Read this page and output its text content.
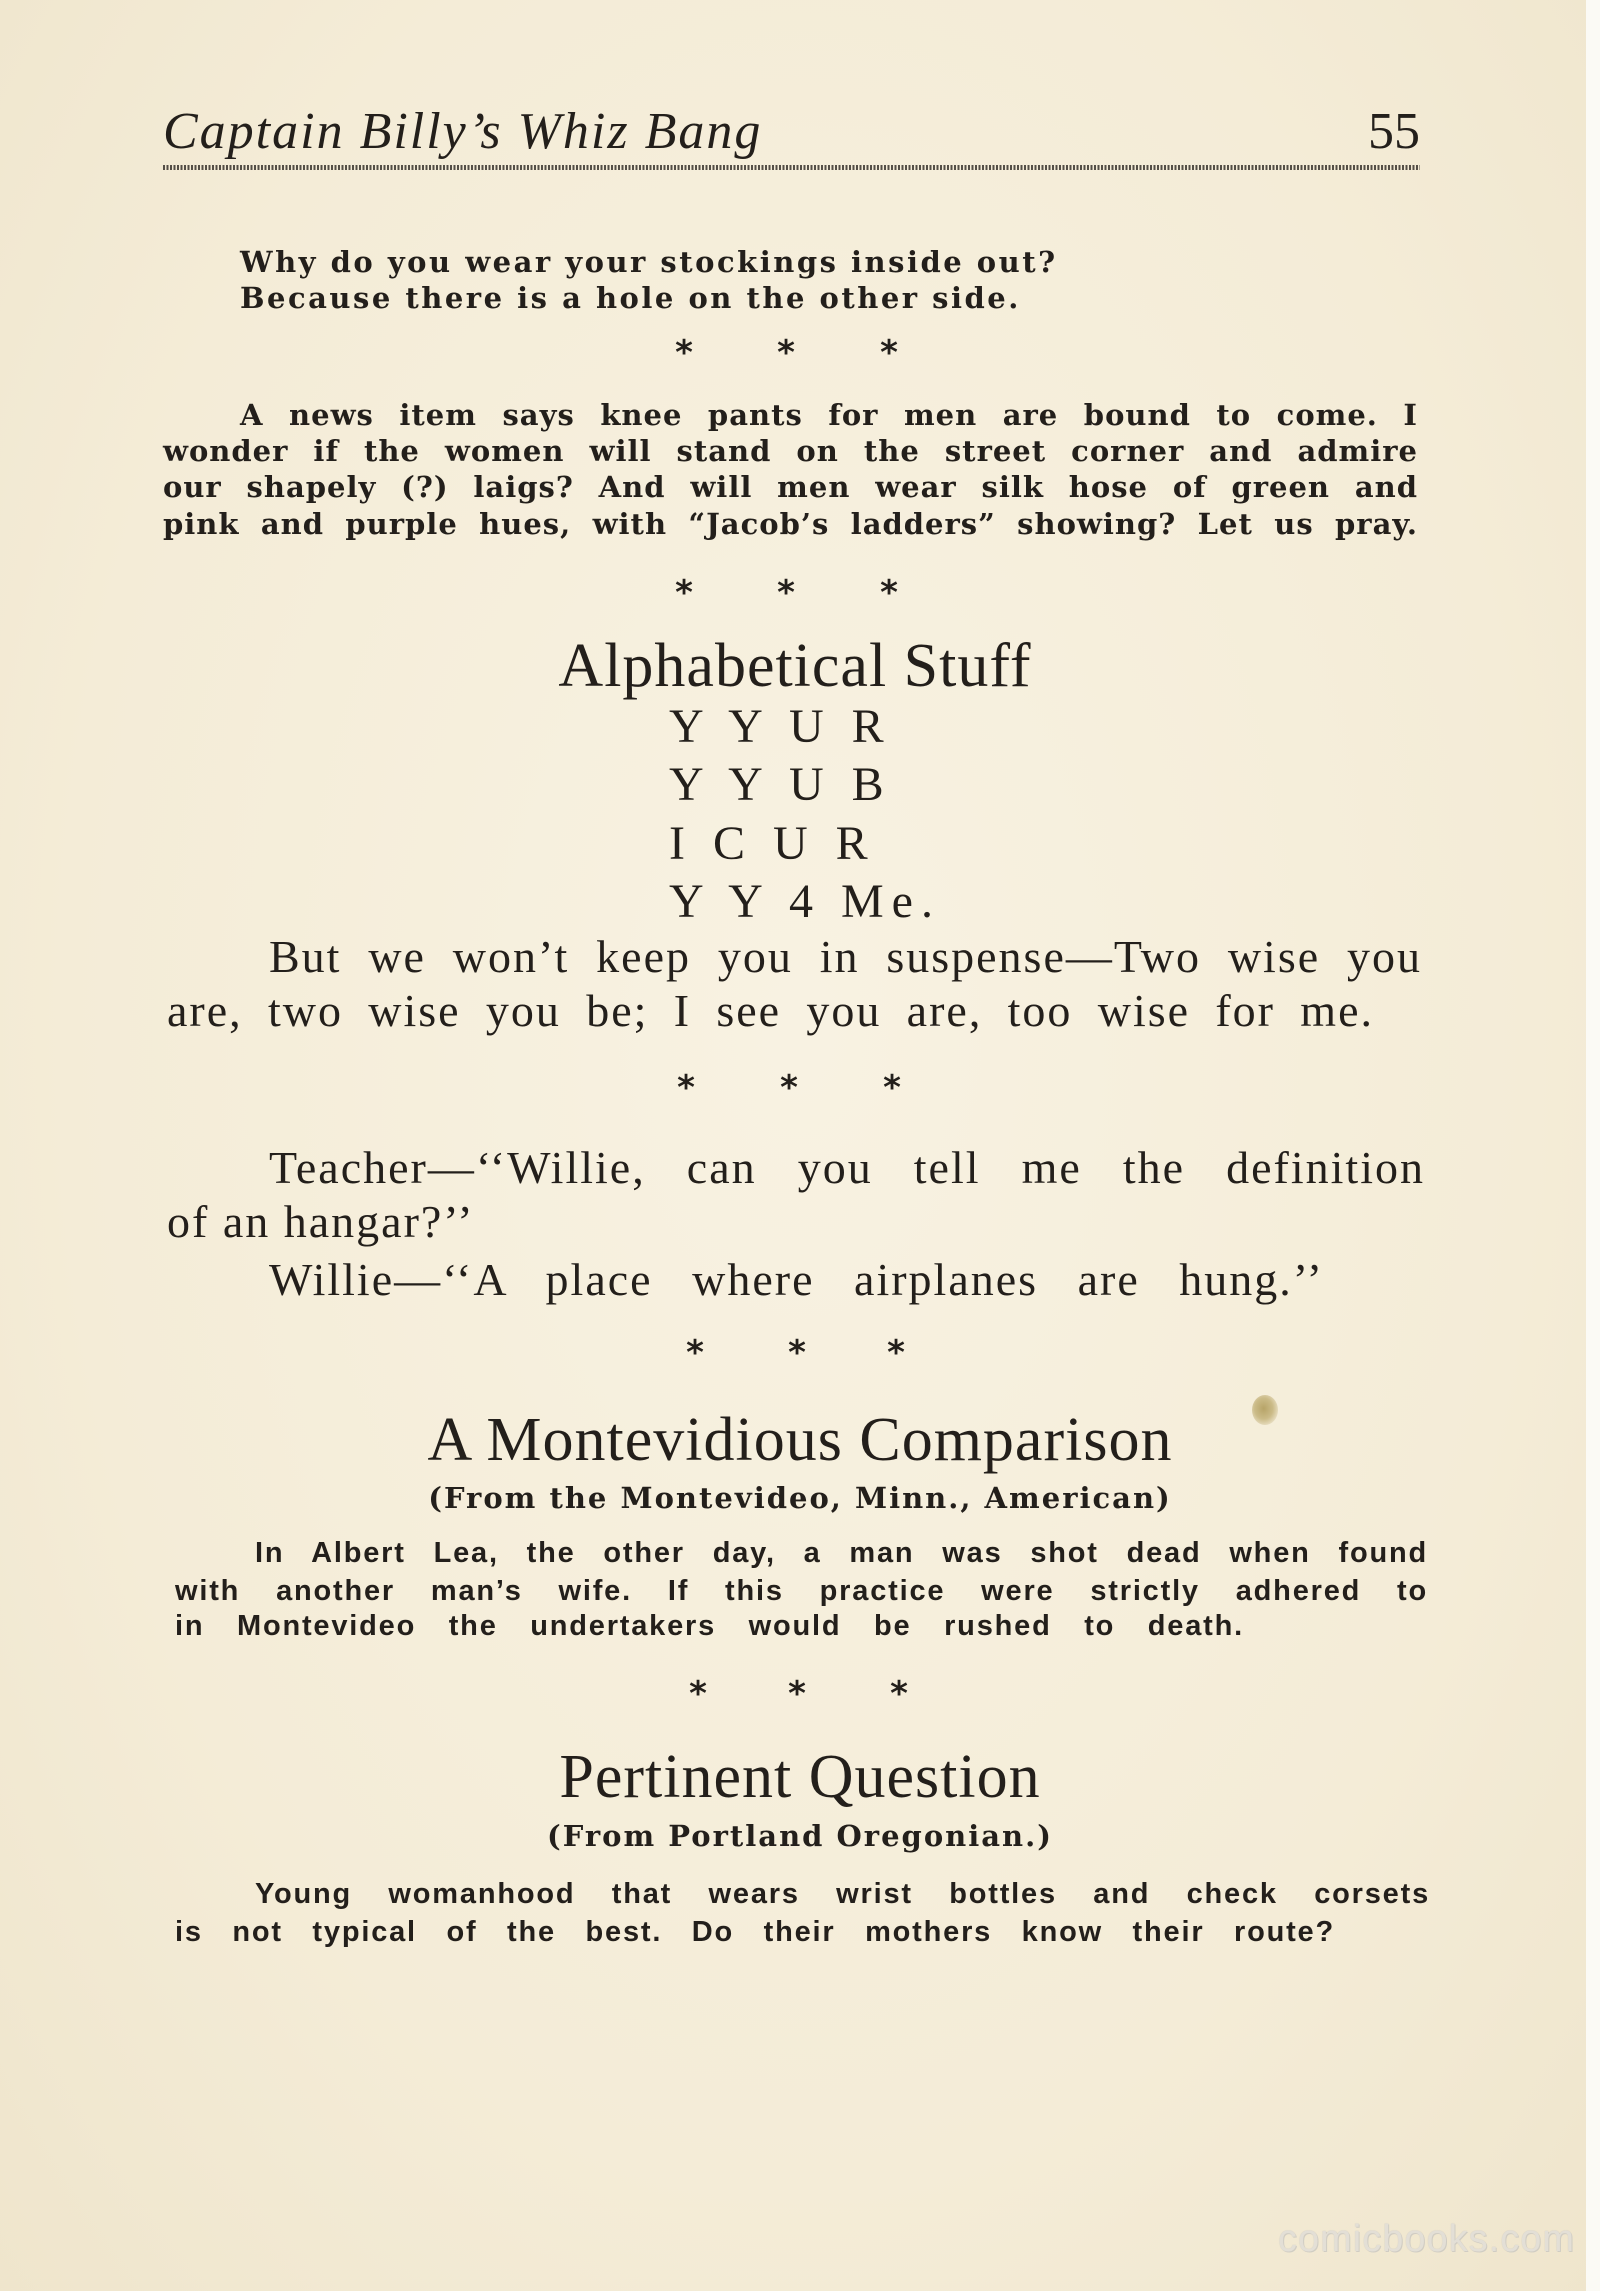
Captain Billy’s Whiz Bang	55
Why do you wear your stockings inside out?
Because there is a hole on the other side.
*	*	*
A news item says knee pants for men are bound to come. I
wonder if the women will stand on the street corner and admire
our shapely (?) laigs? And will men wear silk hose of green and
pink and purple hues, with “Jacob’s ladders” showing? Let us pray.
*	*	*
Alphabetical Stuff
Y Y U R
Y Y U B
I C U R
Y Y 4 Me.
But we won’t keep you in suspense—Two wise you
are, two wise you be; I see you are, too wise for me.
*	*	*
Teacher—‘‘Willie, can you tell me the definition
of an hangar?’’
Willie—‘‘A place where airplanes are hung.’’
*	*	*
A Montevidious Comparison
(From the Montevideo, Minn., American)
In Albert Lea, the other day, a man was shot dead when found
with another man’s wife. If this practice were strictly adhered to
in Montevideo the undertakers would be rushed to death.
*	*	*
Pertinent Question
(From Portland Oregonian.)
Young womanhood that wears wrist bottles and check corsets
is not typical of the best. Do their mothers know their route?
comicbooks.com
